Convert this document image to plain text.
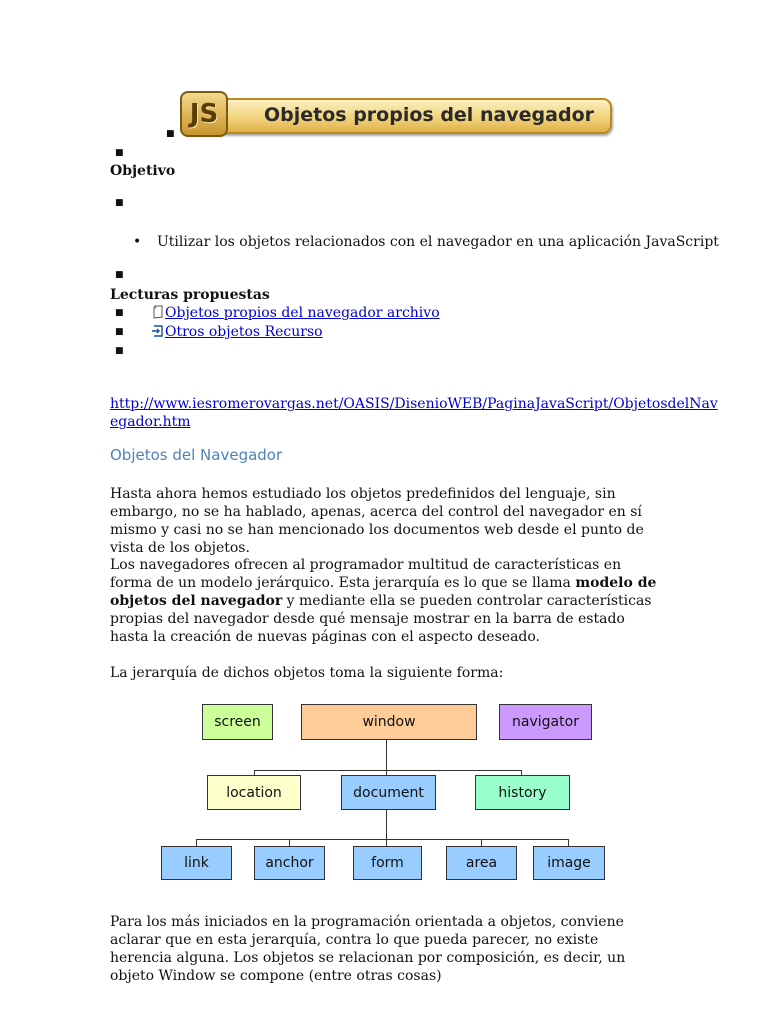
Objetos propios del navegador
JS
■
■
Objetivo
■
• Utilizar los objetos relacionados con el navegador en una aplicación JavaScript
■
Lecturas propuestas
■	Objetos propios del navegador archivo
■	Otros objetos Recurso
■
http://www.iesromerovargas.net/OASIS/DisenioWEB/PaginaJavaScript/ObjetosdelNav
egador.htm
Objetos del Navegador
Hasta ahora hemos estudiado los objetos predefinidos del lenguaje, sin embargo, no se ha hablado, apenas, acerca del control del navegador en sí mismo y casi no se han mencionado los documentos web desde el punto de vista de los objetos.
Los navegadores ofrecen al programador multitud de características en forma de un modelo jerárquico. Esta jerarquía es lo que se llama modelo de objetos del navegador y mediante ella se pueden controlar características propias del navegador desde qué mensaje mostrar en la barra de estado hasta la creación de nuevas páginas con el aspecto deseado.
La jerarquía de dichos objetos toma la siguiente forma:
screen	window	navigator
location	document	history
link	anchor	form	area	image
Para los más iniciados en la programación orientada a objetos, conviene aclarar que en esta jerarquía, contra lo que pueda parecer, no existe herencia alguna. Los objetos se relacionan por composición, es decir, un objeto Window se compone (entre otras cosas)
